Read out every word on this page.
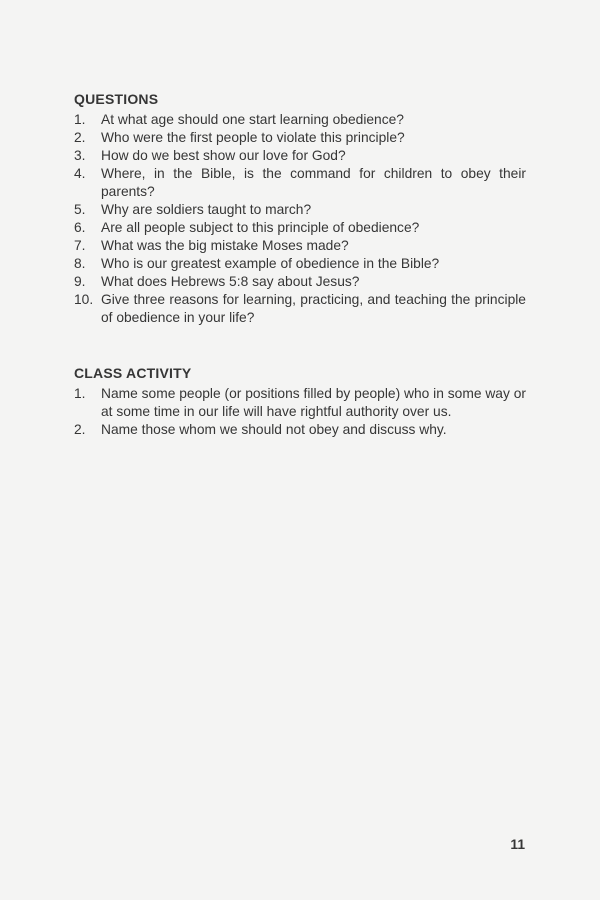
QUESTIONS
1.	At what age should one start learning obedience?
2.	Who were the first people to violate this principle?
3.	How do we best show our love for God?
4.	Where, in the Bible, is the command for children to obey their parents?
5.	Why are soldiers taught to march?
6.	Are all people subject to this principle of obedience?
7.	What was the big mistake Moses made?
8.	Who is our greatest example of obedience in the Bible?
9.	What does Hebrews 5:8 say about Jesus?
10. Give three reasons for learning, practicing, and teaching the principle of obedience in your life?
CLASS ACTIVITY
1.	Name some people (or positions filled by people) who in some way or at some time in our life will have rightful authority over us.
2.	Name those whom we should not obey and discuss why.
11
